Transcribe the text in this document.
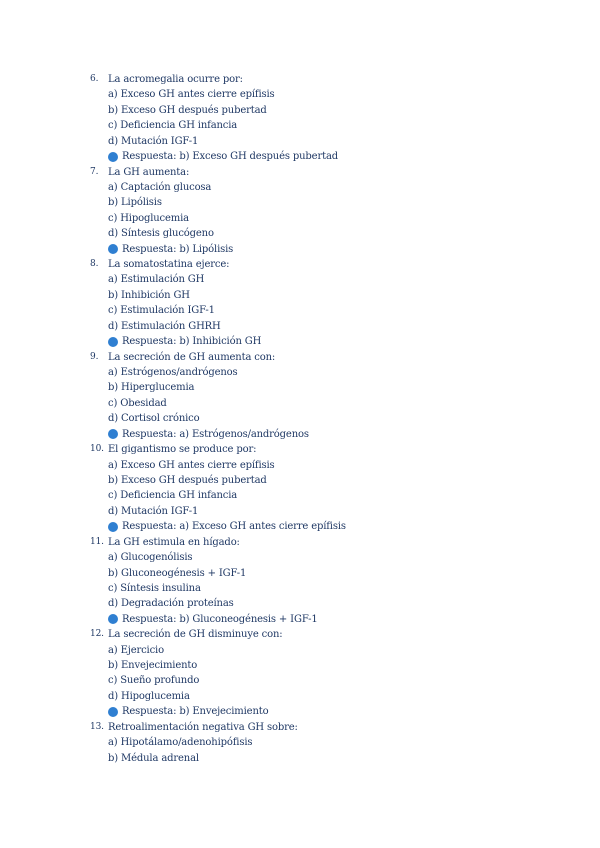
6. La acromegalia ocurre por:
a) Exceso GH antes cierre epífisis
b) Exceso GH después pubertad
c) Deficiencia GH infancia
d) Mutación IGF-1
Respuesta: b) Exceso GH después pubertad
7. La GH aumenta:
a) Captación glucosa
b) Lipólisis
c) Hipoglucemia
d) Síntesis glucógeno
Respuesta: b) Lipólisis
8. La somatostatina ejerce:
a) Estimulación GH
b) Inhibición GH
c) Estimulación IGF-1
d) Estimulación GHRH
Respuesta: b) Inhibición GH
9. La secreción de GH aumenta con:
a) Estrógenos/andrógenos
b) Hiperglucemia
c) Obesidad
d) Cortisol crónico
Respuesta: a) Estrógenos/andrógenos
10. El gigantismo se produce por:
a) Exceso GH antes cierre epífisis
b) Exceso GH después pubertad
c) Deficiencia GH infancia
d) Mutación IGF-1
Respuesta: a) Exceso GH antes cierre epífisis
11. La GH estimula en hígado:
a) Glucogenólisis
b) Gluconeogénesis + IGF-1
c) Síntesis insulina
d) Degradación proteínas
Respuesta: b) Gluconeogénesis + IGF-1
12. La secreción de GH disminuye con:
a) Ejercicio
b) Envejecimiento
c) Sueño profundo
d) Hipoglucemia
Respuesta: b) Envejecimiento
13. Retroalimentación negativa GH sobre:
a) Hipotálamo/adenohipófisis
b) Médula adrenal
